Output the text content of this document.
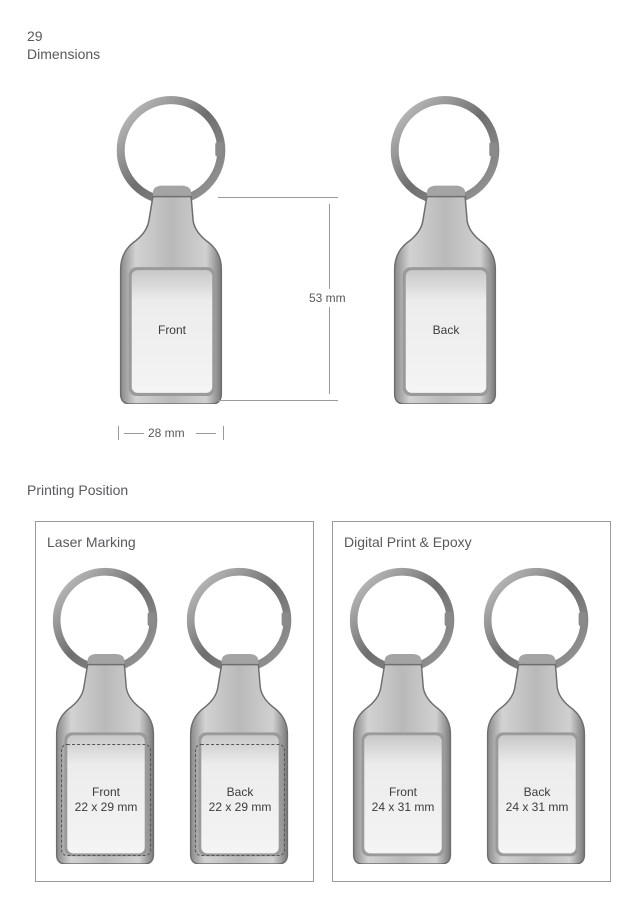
29
Dimensions
Front	Back
53 mm
28 mm
Printing Position
Laser Marking
Front
22 x 29 mm
Back
22 x 29 mm
Digital Print & Epoxy
Front
24 x 31 mm
Back
24 x 31 mm
